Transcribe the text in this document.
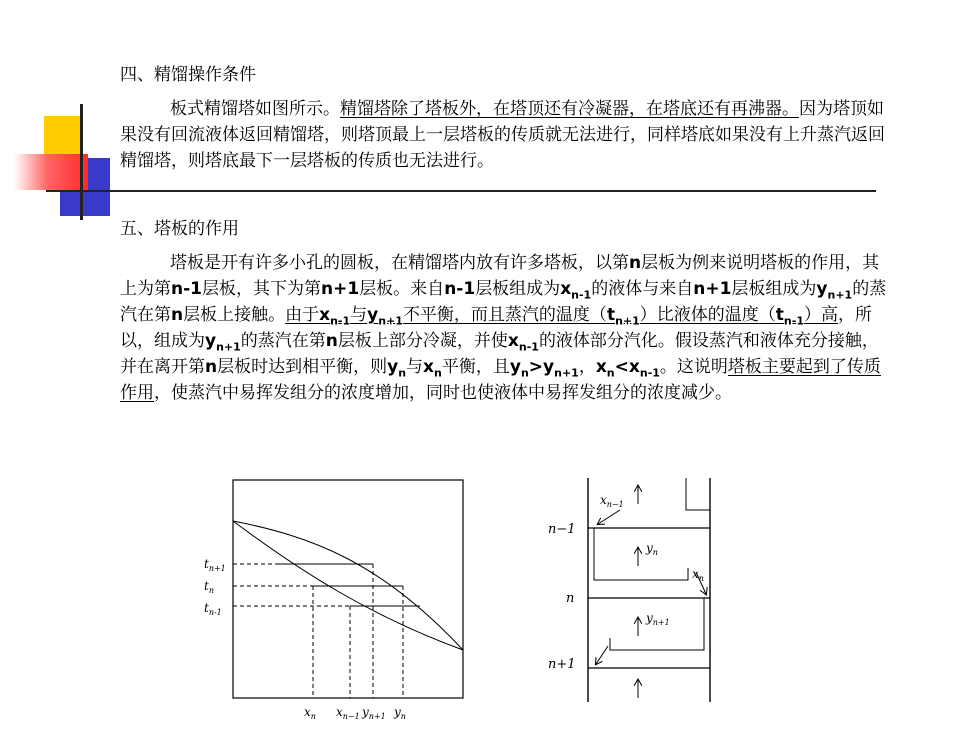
四、精馏操作条件

板式精馏塔如图所示。精馏塔除了塔板外，在塔顶还有冷凝器，在塔底还有再沸器。因为塔顶如果没有回流液体返回精馏塔，则塔顶最上一层塔板的传质就无法进行，同样塔底如果没有上升蒸汽返回精馏塔，则塔底最下一层塔板的传质也无法进行。

五、塔板的作用

塔板是开有许多小孔的圆板，在精馏塔内放有许多塔板，以第n层板为例来说明塔板的作用，其上为第n-1层板，其下为第n+1层板。来自n-1层板组成为$x_{n-1}$的液体与来自n+1层板组成为$y_{n+1}$的蒸汽在第n层板上接触。由于$x_{n-1}$与$y_{n+1}$不平衡，而且蒸汽的温度$(t_{n+1})$比液体的温度$(t_{n-1})$高，所以，组成为$y_{n+1}$的蒸汽在第n层板上部分冷凝，并使$x_{n-1}$的液体部分汽化。假设蒸汽和液体充分接触，并在离开第n层板时达到相平衡，则$y_n$与$x_n$平衡，且$y_n>y_{n+1}$，$x_n<x_{n-1}$。这说明塔板主要起到了传质作用，使蒸汽中易挥发组分的浓度增加，同时也使液体中易挥发组分的浓度减少。

$t_{n+1}$
$t_n$
$t_{n-1}$
$x_n$ $x_{n-1}$ $y_{n+1}$ $y_n$
n−1
n
n+1
$x_{n-1}$
$y_n$
$x_n$
$y_{n+1}$
